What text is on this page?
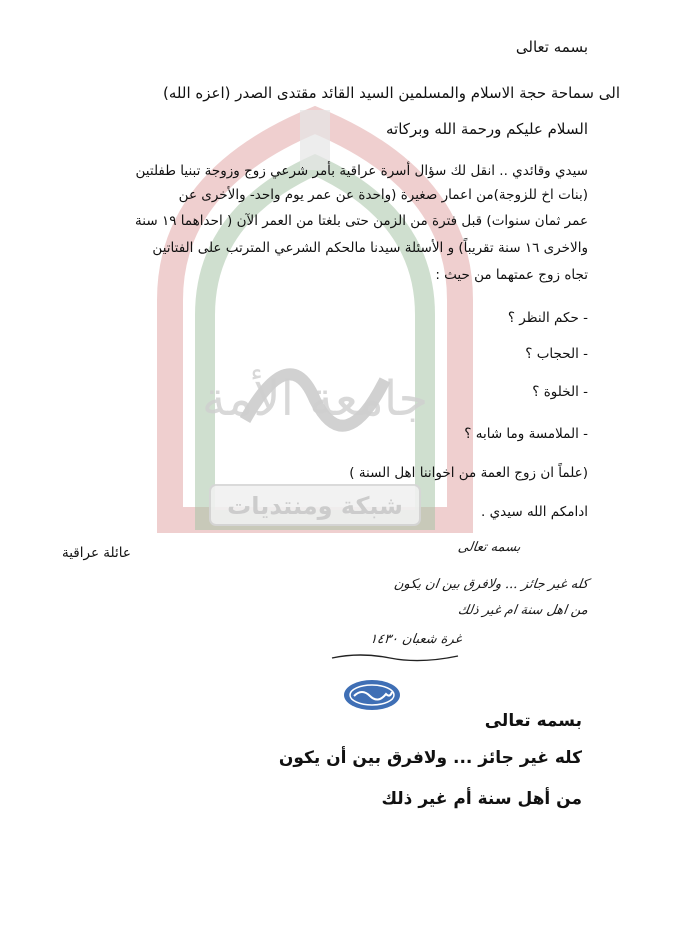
جامعة الأمة
شبكة ومنتديات
بسمه تعالى
الى سماحة حجة الاسلام والمسلمين السيد القائد مقتدى الصدر (اعزه الله)
السلام عليكم ورحمة الله وبركاته
سيدي وقائدي .. انقل لك سؤال أسرة عراقية بأمر شرعي زوج وزوجة تبنيا طفلتين
(بنات اخ للزوجة)من اعمار صغيرة (واحدة عن عمر يوم واحد- والأخرى عن
عمر ثمان سنوات) قبل فترة من الزمن حتى بلغتا من العمر الآن ( احداهما ١٩ سنة
والاخرى ١٦ سنة تقريباً) و الأسئلة سيدنا مالحكم الشرعي المترتب على الفتاتين
تجاه زوج عمتهما من حيث :
- حكم النظر ؟
- الحجاب ؟
- الخلوة ؟
- الملامسة وما شابه ؟
(علماً ان زوج العمة من اخواننا اهل السنة )
ادامكم الله سيدي .
عائلة عراقية	بسمه تعالى
كله غير جائز ... ولافرق بين ان يكون
من اهل سنة ام غير ذلك
غرة شعبان ١٤٣٠
بسمه تعالى
كله غير جائز ... ولافرق بين أن يكون
من أهل سنة أم غير ذلك
